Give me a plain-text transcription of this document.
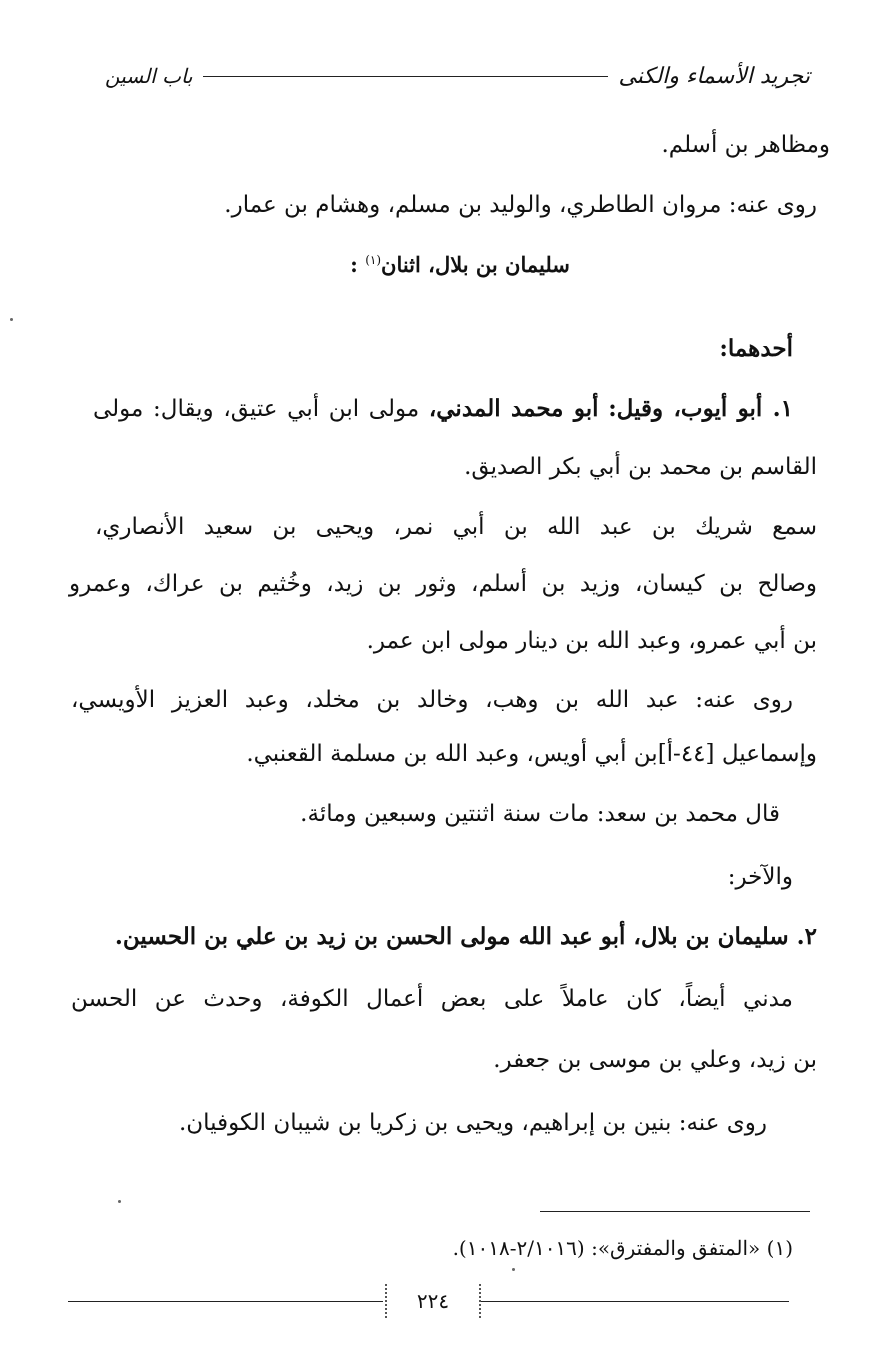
تجريد الأسماء والكنى
باب السين
ومظاهر بن أسلم.
روى عنه: مروان الطاطري، والوليد بن مسلم، وهشام بن عمار.
سليمان بن بلال، اثنان$^{(١)}$ :
أحدهما:
١. أبو أيوب، وقيل: أبو محمد المدني، مولى ابن أبي عتيق، ويقال: مولى
القاسم بن محمد بن أبي بكر الصديق.
سمع شريك بن عبد الله بن أبي نمر، ويحيى بن سعيد الأنصاري،
وصالح بن كيسان، وزيد بن أسلم، وثور بن زيد، وخُثيم بن عراك، وعمرو
بن أبي عمرو، وعبد الله بن دينار مولى ابن عمر.
روى عنه: عبد الله بن وهب، وخالد بن مخلد، وعبد العزيز الأويسي،
وإسماعيل [٤٤-أ]بن أبي أويس، وعبد الله بن مسلمة القعنبي.
قال محمد بن سعد: مات سنة اثنتين وسبعين ومائة.
والآخر:
٢. سليمان بن بلال، أبو عبد الله مولى الحسن بن زيد بن علي بن الحسين.
مدني أيضاً، كان عاملاً على بعض أعمال الكوفة، وحدث عن الحسن
بن زيد، وعلي بن موسى بن جعفر.
روى عنه: بنين بن إبراهيم، ويحيى بن زكريا بن شيبان الكوفيان.
(١) «المتفق والمفترق»: (٢/١٠١٦-١٠١٨).
٢٢٤
